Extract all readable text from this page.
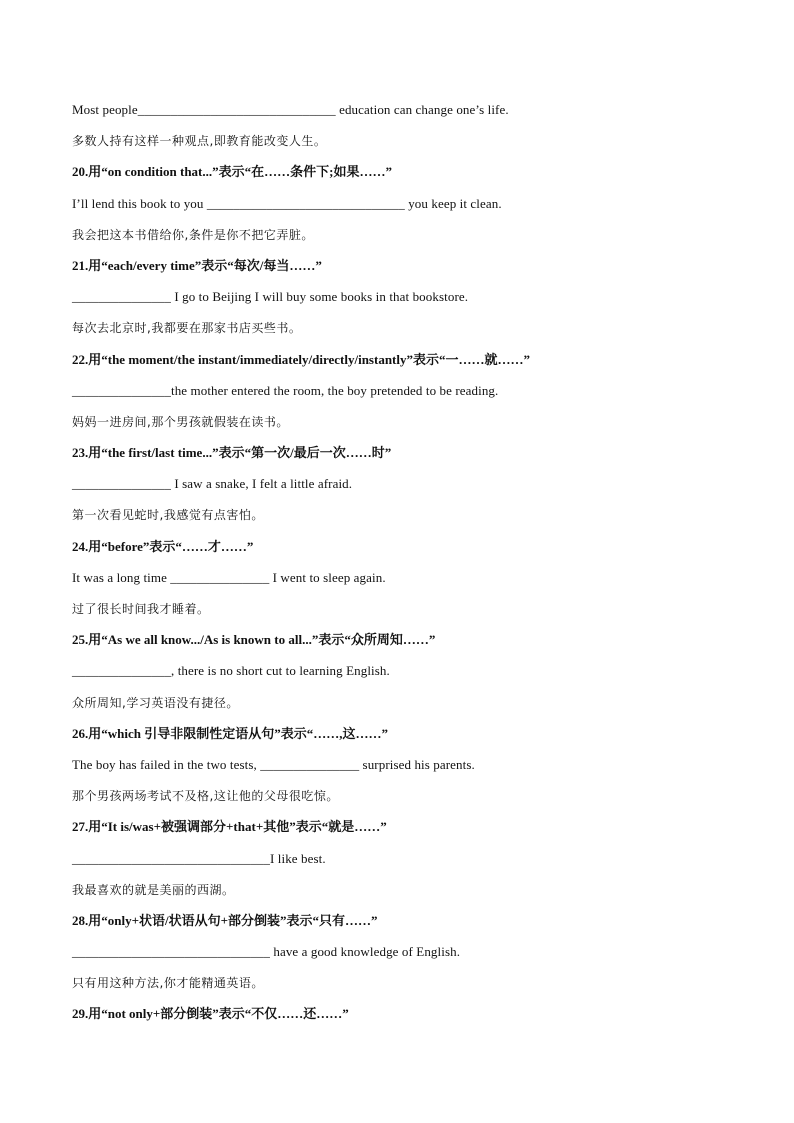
Most people______________________________ education can change one’s life.
多数人持有这样一种观点,即教育能改变人生。
20.用“on condition that...”表示“在……条件下;如果……”
I’ll lend this book to you ______________________________ you keep it clean.
我会把这本书借给你,条件是你不把它弄脏。
21.用“each/every time”表示“每次/每当……”
_______________ I go to Beijing I will buy some books in that bookstore.
每次去北京时,我都要在那家书店买些书。
22.用“the moment/the instant/immediately/directly/instantly”表示“一……就……”
_______________the mother entered the room, the boy pretended to be reading.
妈妈一进房间,那个男孩就假装在读书。
23.用“the first/last time...”表示“第一次/最后一次……时”
_______________ I saw a snake, I felt a little afraid.
第一次看见蛇时,我感觉有点害怕。
24.用“before”表示“……才……”
It was a long time _______________ I went to sleep again.
过了很长时间我才睡着。
25.用“As we all know.../As is known to all...”表示“众所周知……”
_______________, there is no short cut to learning English.
众所周知,学习英语没有捷径。
26.用“which 引导非限制性定语从句”表示“……,这……”
The boy has failed in the two tests, _______________ surprised his parents.
那个男孩两场考试不及格,这让他的父母很吃惊。
27.用“It is/was+被强调部分+that+其他”表示“就是……”
______________________________I like best.
我最喜欢的就是美丽的西湖。
28.用“only+状语/状语从句+部分倒装”表示“只有……”
______________________________ have a good knowledge of English.
只有用这种方法,你才能精通英语。
29.用“not only+部分倒装”表示“不仅……还……”
